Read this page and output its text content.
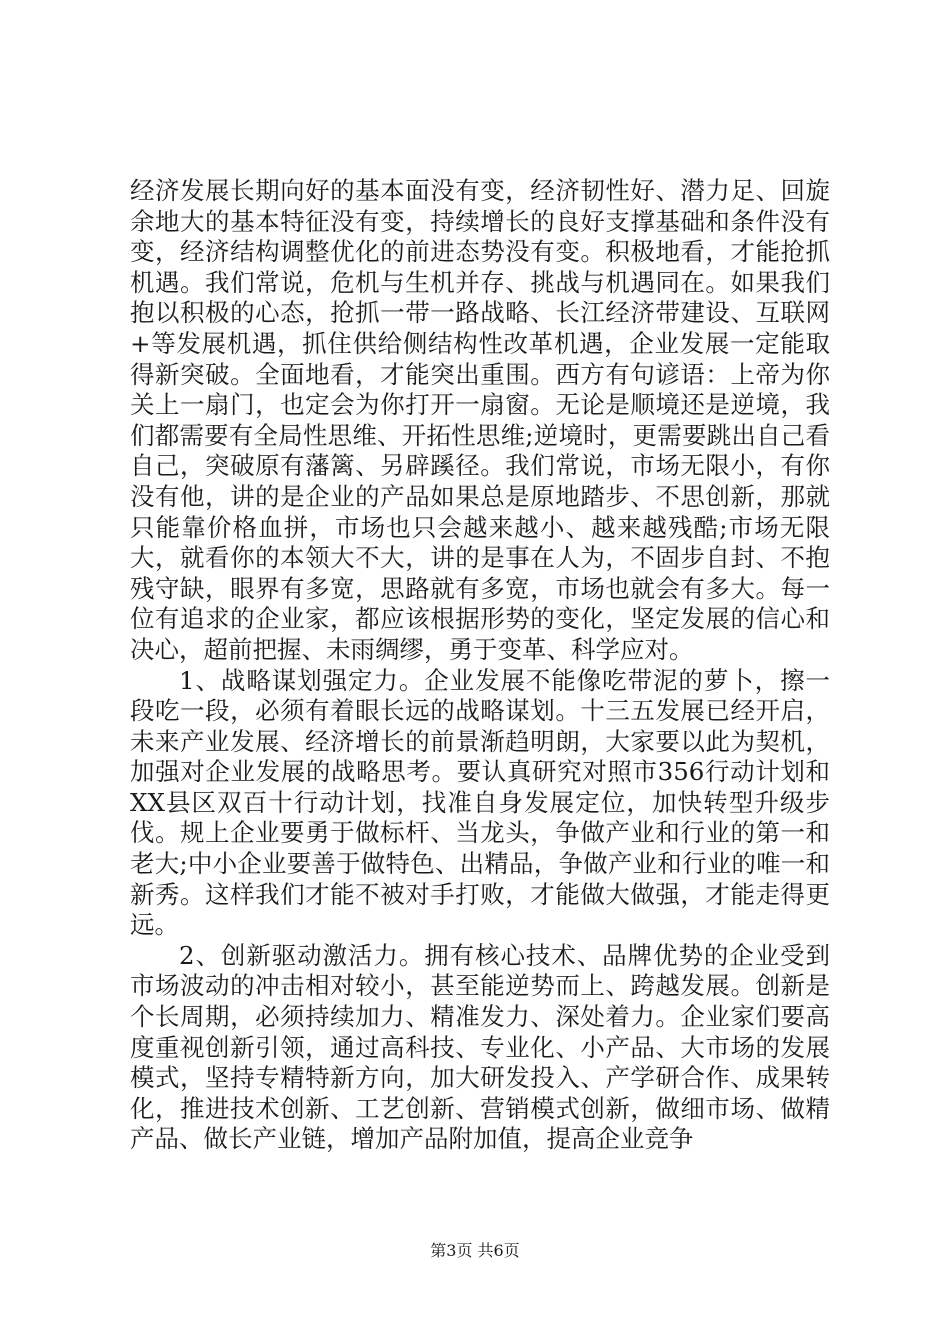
经济发展长期向好的基本面没有变，经济韧性好、潜力足、回旋余地大的基本特征没有变，持续增长的良好支撑基础和条件没有变，经济结构调整优化的前进态势没有变。积极地看，才能抢抓机遇。我们常说，危机与生机并存、挑战与机遇同在。如果我们抱以积极的心态，抢抓一带一路战略、长江经济带建设、互联网+等发展机遇，抓住供给侧结构性改革机遇，企业发展一定能取得新突破。全面地看，才能突出重围。西方有句谚语：上帝为你关上一扇门，也定会为你打开一扇窗。无论是顺境还是逆境，我们都需要有全局性思维、开拓性思维;逆境时，更需要跳出自己看自己，突破原有藩篱、另辟蹊径。我们常说，市场无限小，有你没有他，讲的是企业的产品如果总是原地踏步、不思创新，那就只能靠价格血拼，市场也只会越来越小、越来越残酷;市场无限大，就看你的本领大不大，讲的是事在人为，不固步自封、不抱残守缺，眼界有多宽，思路就有多宽，市场也就会有多大。每一位有追求的企业家，都应该根据形势的变化，坚定发展的信心和决心，超前把握、未雨绸缪，勇于变革、科学应对。

1、战略谋划强定力。企业发展不能像吃带泥的萝卜，擦一段吃一段，必须有着眼长远的战略谋划。十三五发展已经开启，未来产业发展、经济增长的前景渐趋明朗，大家要以此为契机，加强对企业发展的战略思考。要认真研究对照市356行动计划和XX县区双百十行动计划，找准自身发展定位，加快转型升级步伐。规上企业要勇于做标杆、当龙头，争做产业和行业的第一和老大;中小企业要善于做特色、出精品，争做产业和行业的唯一和新秀。这样我们才能不被对手打败，才能做大做强，才能走得更远。

2、创新驱动激活力。拥有核心技术、品牌优势的企业受到市场波动的冲击相对较小，甚至能逆势而上、跨越发展。创新是个长周期，必须持续加力、精准发力、深处着力。企业家们要高度重视创新引领，通过高科技、专业化、小产品、大市场的发展模式，坚持专精特新方向，加大研发投入、产学研合作、成果转化，推进技术创新、工艺创新、营销模式创新，做细市场、做精产品、做长产业链，增加产品附加值，提高企业竞争

第3页 共6页
